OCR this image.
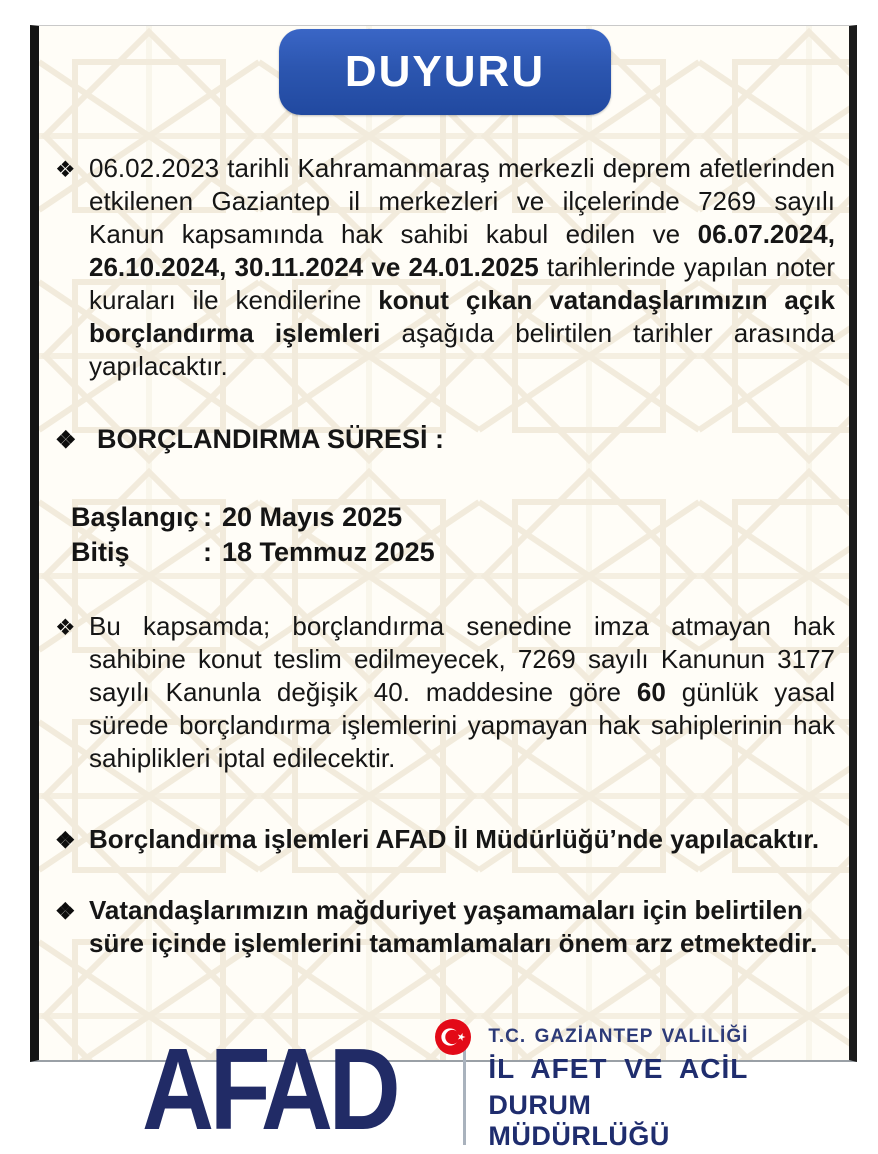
DUYURU

❖ 06.02.2023 tarihli Kahramanmaraş merkezli deprem afetlerinden etkilenen Gaziantep il merkezleri ve ilçelerinde 7269 sayılı Kanun kapsamında hak sahibi kabul edilen ve 06.07.2024, 26.10.2024, 30.11.2024 ve 24.01.2025 tarihlerinde yapılan noter kuraları ile kendilerine konut çıkan vatandaşlarımızın açık borçlandırma işlemleri aşağıda belirtilen tarihler arasında yapılacaktır.

❖ BORÇLANDIRMA SÜRESİ :

Başlangıç : 20 Mayıs 2025
Bitiş	: 18 Temmuz 2025

❖ Bu kapsamda; borçlandırma senedine imza atmayan hak sahibine konut teslim edilmeyecek, 7269 sayılı Kanunun 3177 sayılı Kanunla değişik 40. maddesine göre 60 günlük yasal sürede borçlandırma işlemlerini yapmayan hak sahiplerinin hak sahiplikleri iptal edilecektir.

❖ Borçlandırma işlemleri AFAD İl Müdürlüğü’nde yapılacaktır.

❖ Vatandaşlarımızın mağduriyet yaşamamaları için belirtilen süre içinde işlemlerini tamamlamaları önem arz etmektedir.

AFAD	T.C. GAZİANTEP VALİLİĞİ
İL AFET VE ACİL
DURUM MÜDÜRLÜĞÜ
